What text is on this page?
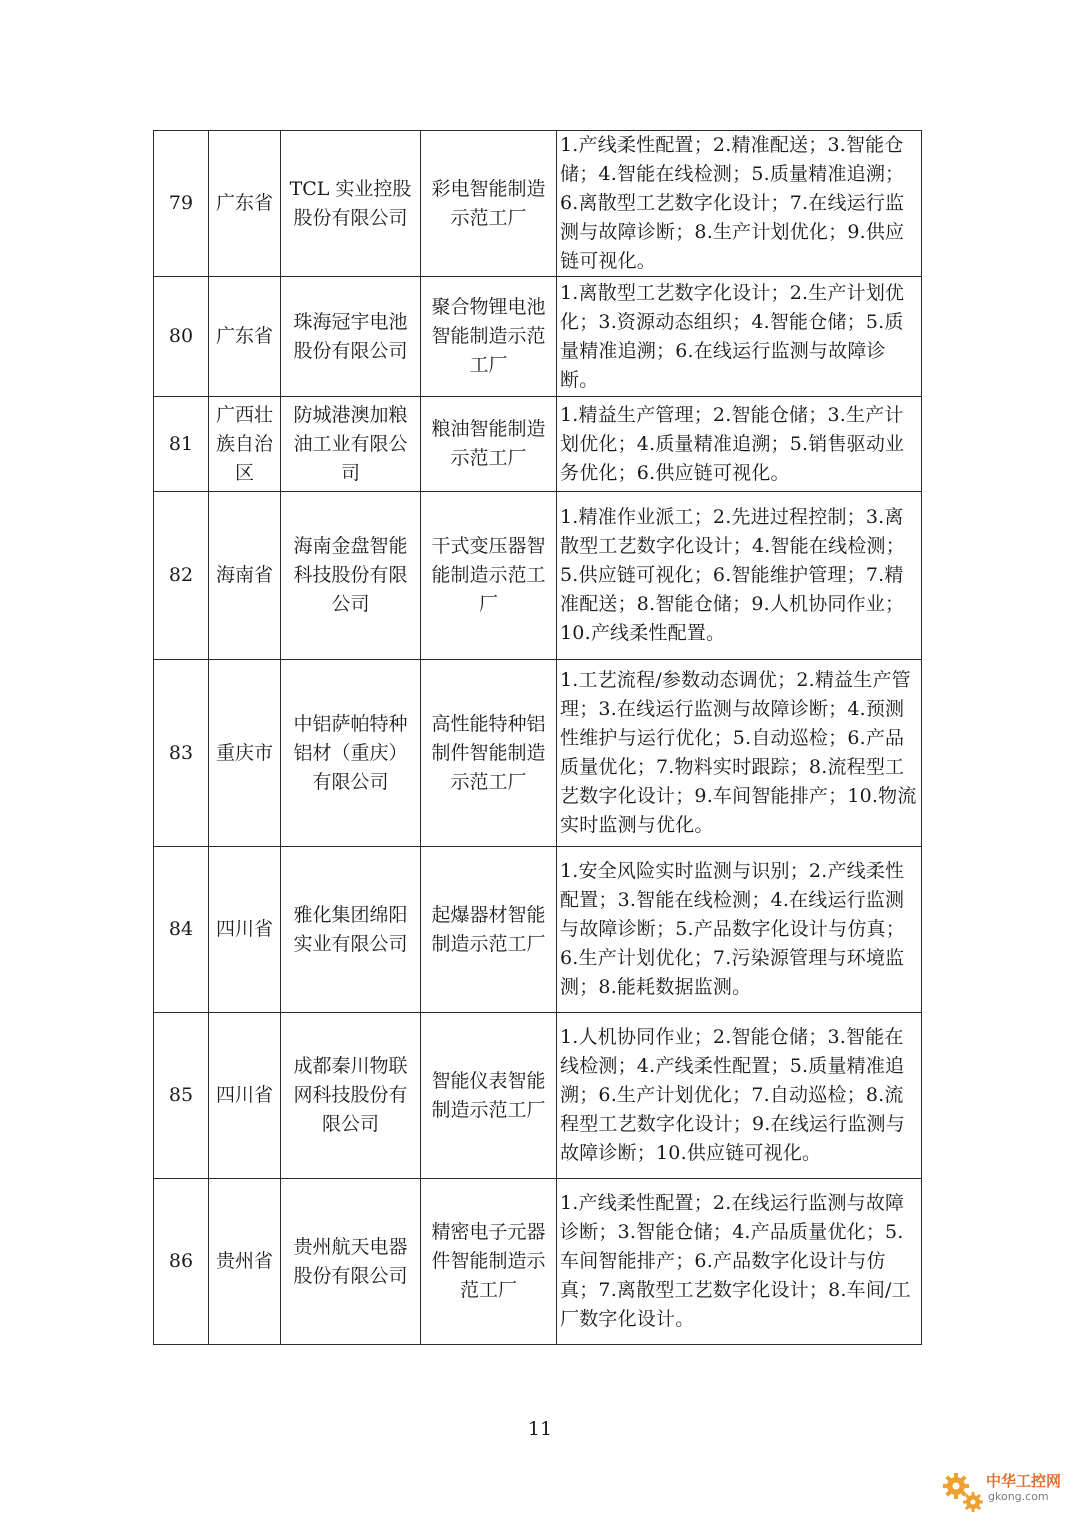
79	广东省	TCL 实业控股股份有限公司	彩电智能制造示范工厂	1.产线柔性配置；2.精准配送；3.智能仓储；4.智能在线检测；5.质量精准追溯；6.离散型工艺数字化设计；7.在线运行监测与故障诊断；8.生产计划优化；9.供应链可视化。
80	广东省	珠海冠宇电池股份有限公司	聚合物锂电池智能制造示范工厂	1.离散型工艺数字化设计；2.生产计划优化；3.资源动态组织；4.智能仓储；5.质量精准追溯；6.在线运行监测与故障诊断。
81	广西壮族自治区	防城港澳加粮油工业有限公司	粮油智能制造示范工厂	1.精益生产管理；2.智能仓储；3.生产计划优化；4.质量精准追溯；5.销售驱动业务优化；6.供应链可视化。
82	海南省	海南金盘智能科技股份有限公司	干式变压器智能制造示范工厂	1.精准作业派工；2.先进过程控制；3.离散型工艺数字化设计；4.智能在线检测；5.供应链可视化；6.智能维护管理；7.精准配送；8.智能仓储；9.人机协同作业；10.产线柔性配置。
83	重庆市	中铝萨帕特种铝材（重庆）有限公司	高性能特种铝制件智能制造示范工厂	1.工艺流程/参数动态调优；2.精益生产管理；3.在线运行监测与故障诊断；4.预测性维护与运行优化；5.自动巡检；6.产品质量优化；7.物料实时跟踪；8.流程型工艺数字化设计；9.车间智能排产；10.物流实时监测与优化。
84	四川省	雅化集团绵阳实业有限公司	起爆器材智能制造示范工厂	1.安全风险实时监测与识别；2.产线柔性配置；3.智能在线检测；4.在线运行监测与故障诊断；5.产品数字化设计与仿真；6.生产计划优化；7.污染源管理与环境监测；8.能耗数据监测。
85	四川省	成都秦川物联网科技股份有限公司	智能仪表智能制造示范工厂	1.人机协同作业；2.智能仓储；3.智能在线检测；4.产线柔性配置；5.质量精准追溯；6.生产计划优化；7.自动巡检；8.流程型工艺数字化设计；9.在线运行监测与故障诊断；10.供应链可视化。
86	贵州省	贵州航天电器股份有限公司	精密电子元器件智能制造示范工厂	1.产线柔性配置；2.在线运行监测与故障诊断；3.智能仓储；4.产品质量优化；5.车间智能排产；6.产品数字化设计与仿真；7.离散型工艺数字化设计；8.车间/工厂数字化设计。
11
中华工控网
gkong.com
